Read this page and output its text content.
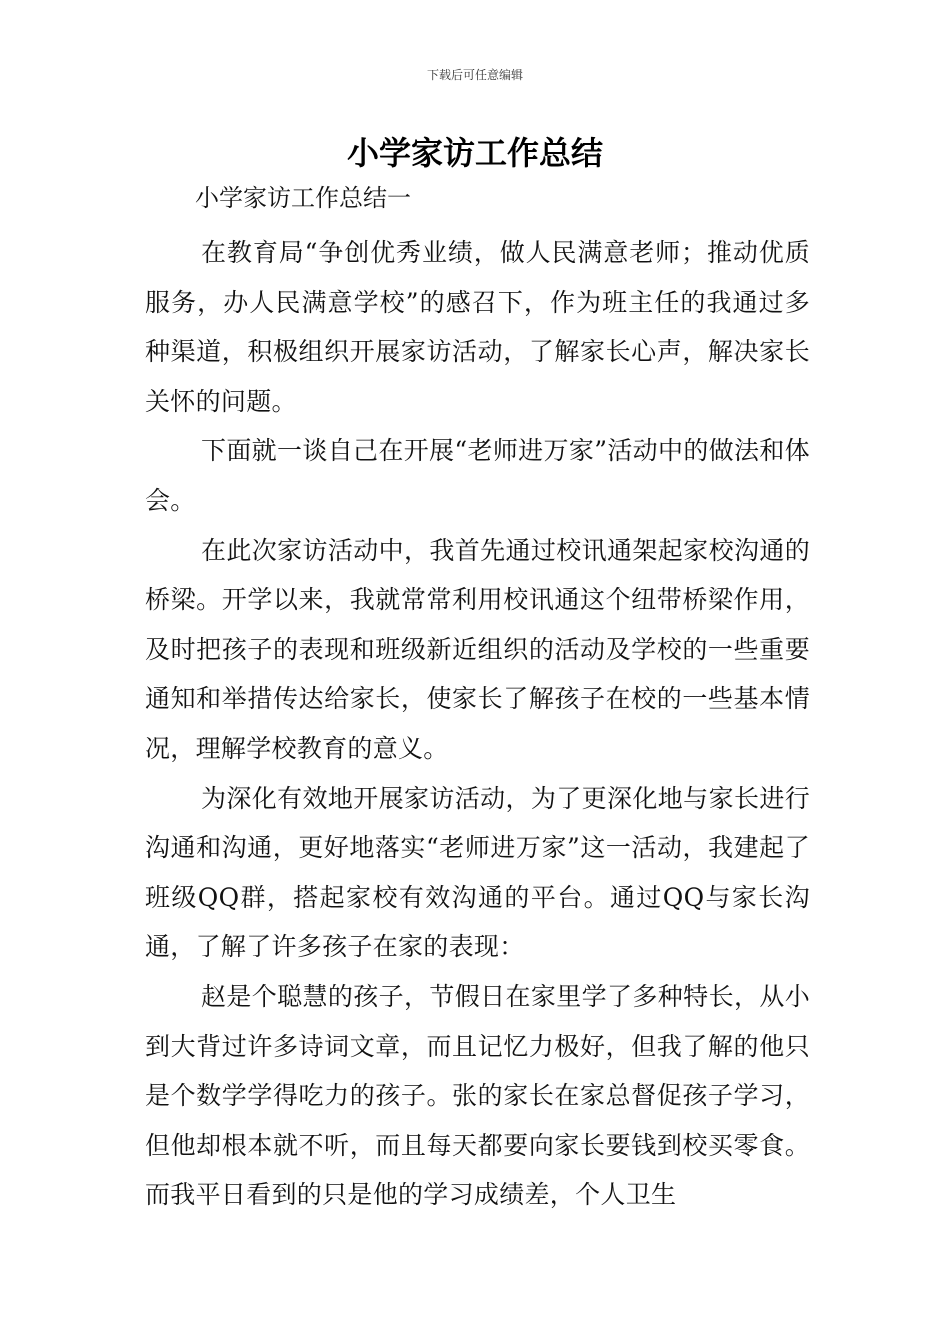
下载后可任意编辑
小学家访工作总结

小学家访工作总结一

在教育局“争创优秀业绩，做人民满意老师；推动优质服务，办人民满意学校”的感召下，作为班主任的我通过多种渠道，积极组织开展家访活动，了解家长心声，解决家长关怀的问题。

下面就一谈自己在开展“老师进万家”活动中的做法和体会。

在此次家访活动中，我首先通过校讯通架起家校沟通的桥梁。开学以来，我就常常利用校讯通这个纽带桥梁作用，及时把孩子的表现和班级新近组织的活动及学校的一些重要通知和举措传达给家长，使家长了解孩子在校的一些基本情况，理解学校教育的意义。

为深化有效地开展家访活动，为了更深化地与家长进行沟通和沟通，更好地落实“老师进万家”这一活动，我建起了班级QQ群，搭起家校有效沟通的平台。通过QQ与家长沟通，了解了许多孩子在家的表现：

赵是个聪慧的孩子，节假日在家里学了多种特长，从小到大背过许多诗词文章，而且记忆力极好，但我了解的他只是个数学学得吃力的孩子。张的家长在家总督促孩子学习，但他却根本就不听，而且每天都要向家长要钱到校买零食。而我平日看到的只是他的学习成绩差，个人卫生
